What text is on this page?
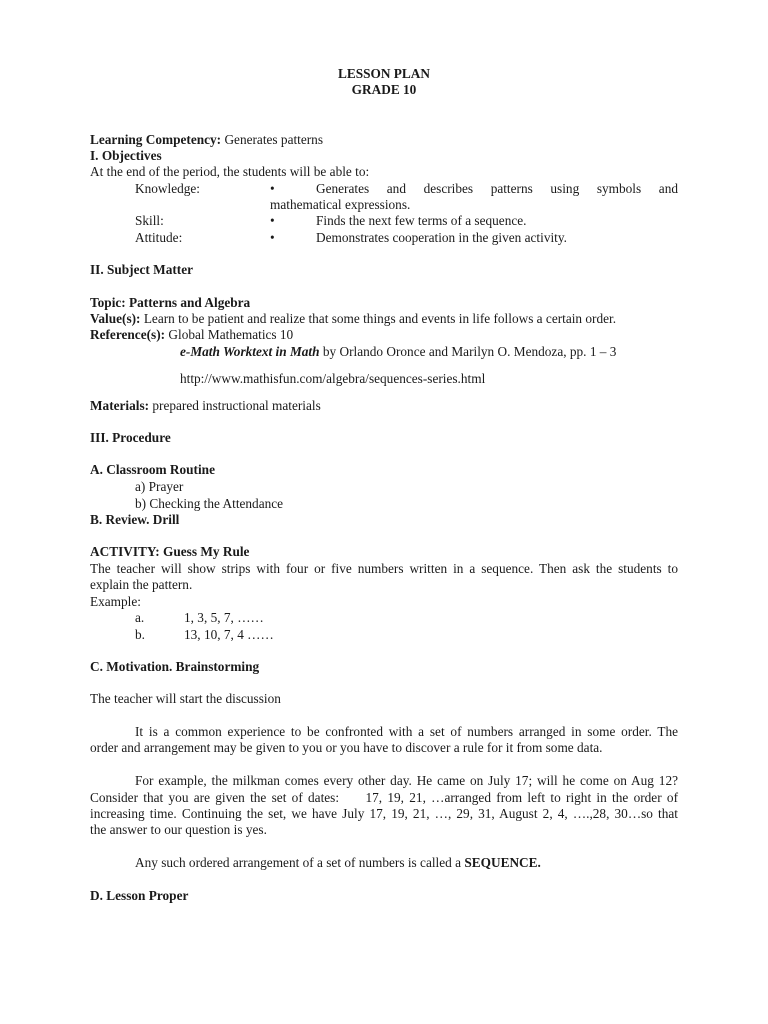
LESSON PLAN
GRADE 10
Learning Competency: Generates patterns
I. Objectives
At the end of the period, the students will be able to:
Knowledge:	•	Generates and describes patterns using symbols and
mathematical expressions.
Skill:	•	Finds the next few terms of a sequence.
Attitude:	•	Demonstrates cooperation in the given activity.
II. Subject Matter
Topic: Patterns and Algebra
Value(s): Learn to be patient and realize that some things and events in life follows a certain order.
Reference(s): Global Mathematics 10
e-Math Worktext in Math by Orlando Oronce and Marilyn O. Mendoza, pp. 1 – 3
http://www.mathisfun.com/algebra/sequences-series.html
Materials: prepared instructional materials
III. Procedure
A. Classroom Routine
a) Prayer
b) Checking the Attendance
B. Review. Drill
ACTIVITY: Guess My Rule
The teacher will show strips with four or five numbers written in a sequence. Then ask the students to
explain the pattern.
Example:
a.	1, 3, 5, 7, ……
b.	13, 10, 7, 4 ……
C. Motivation. Brainstorming
The teacher will start the discussion
It is a common experience to be confronted with a set of numbers arranged in some order. The
order and arrangement may be given to you or you have to discover a rule for it from some data.
For example, the milkman comes every other day. He came on July 17; will he come on Aug 12?
Consider that you are given the set of dates:     17, 19, 21, …arranged from left to right in the order of
increasing time. Continuing the set, we have July 17, 19, 21, …, 29, 31, August 2, 4, ….,28, 30…so that
the answer to our question is yes.
Any such ordered arrangement of a set of numbers is called a SEQUENCE.
D. Lesson Proper
